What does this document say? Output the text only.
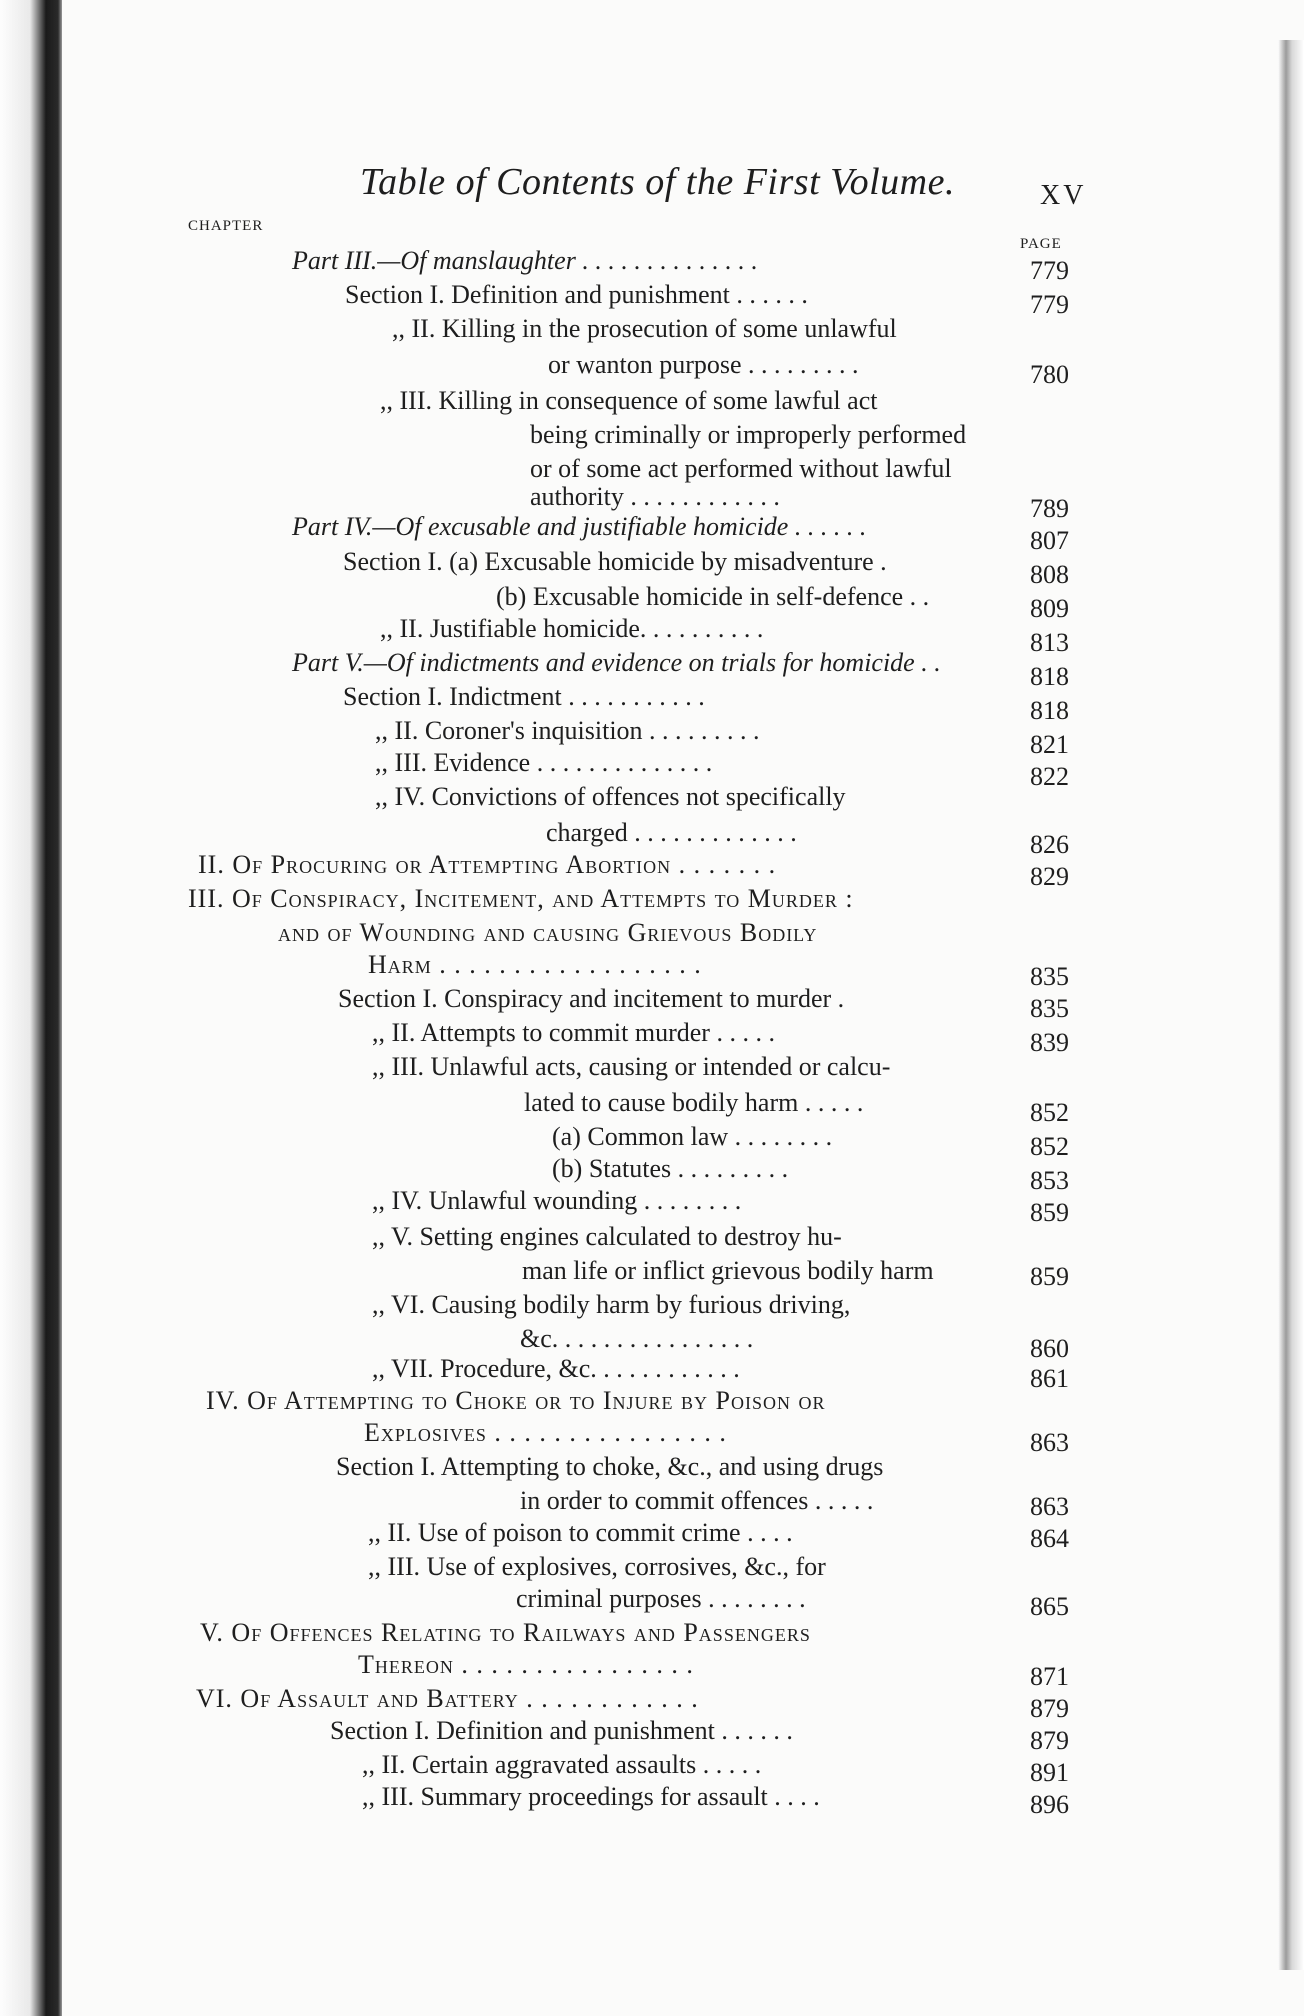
Table of Contents of the First Volume.	XV
CHAPTER
PAGE
Part III.—Of manslaughter . . . . . . . . . . . . . .	779
Section I. Definition and punishment . . . . . .	779
,, II. Killing in the prosecution of some unlawful
or wanton purpose . . . . . . . . .	780
,, III. Killing in consequence of some lawful act
being criminally or improperly performed
or of some act performed without lawful
authority . . . . . . . . . . . .	789
Part IV.—Of excusable and justifiable homicide . . . . . .	807
Section I. (a) Excusable homicide by misadventure .	808
(b) Excusable homicide in self-defence . .	809
,, II. Justifiable homicide. . . . . . . . . .	813
Part V.—Of indictments and evidence on trials for homicide . .	818
Section I. Indictment . . . . . . . . . . .	818
,, II. Coroner's inquisition . . . . . . . . .	821
,, III. Evidence . . . . . . . . . . . . . .	822
,, IV. Convictions of offences not specifically
charged . . . . . . . . . . . . .	826
II. Of Procuring or Attempting Abortion . . . . . . .	829
III. Of Conspiracy, Incitement, and Attempts to Murder :
and of Wounding and causing Grievous Bodily
Harm . . . . . . . . . . . . . . . . . .	835
Section I. Conspiracy and incitement to murder .	835
,, II. Attempts to commit murder . . . . .	839
,, III. Unlawful acts, causing or intended or calcu-
lated to cause bodily harm . . . . .	852
(a) Common law . . . . . . . .	852
(b) Statutes . . . . . . . . .	853
,, IV. Unlawful wounding . . . . . . . .	859
,, V. Setting engines calculated to destroy hu-
man life or inflict grievous bodily harm	859
,, VI. Causing bodily harm by furious driving,
&c. . . . . . . . . . . . . . . .	860
,, VII. Procedure, &c. . . . . . . . . . . .	861
IV. Of Attempting to Choke or to Injure by Poison or
Explosives . . . . . . . . . . . . . . . .	863
Section I. Attempting to choke, &c., and using drugs
in order to commit offences . . . . .	863
,, II. Use of poison to commit crime . . . .	864
,, III. Use of explosives, corrosives, &c., for
criminal purposes . . . . . . . .	865
V. Of Offences Relating to Railways and Passengers
Thereon . . . . . . . . . . . . . . . .	871
VI. Of Assault and Battery . . . . . . . . . . . .	879
Section I. Definition and punishment . . . . . .	879
,, II. Certain aggravated assaults . . . . .	891
,, III. Summary proceedings for assault . . . .	896
